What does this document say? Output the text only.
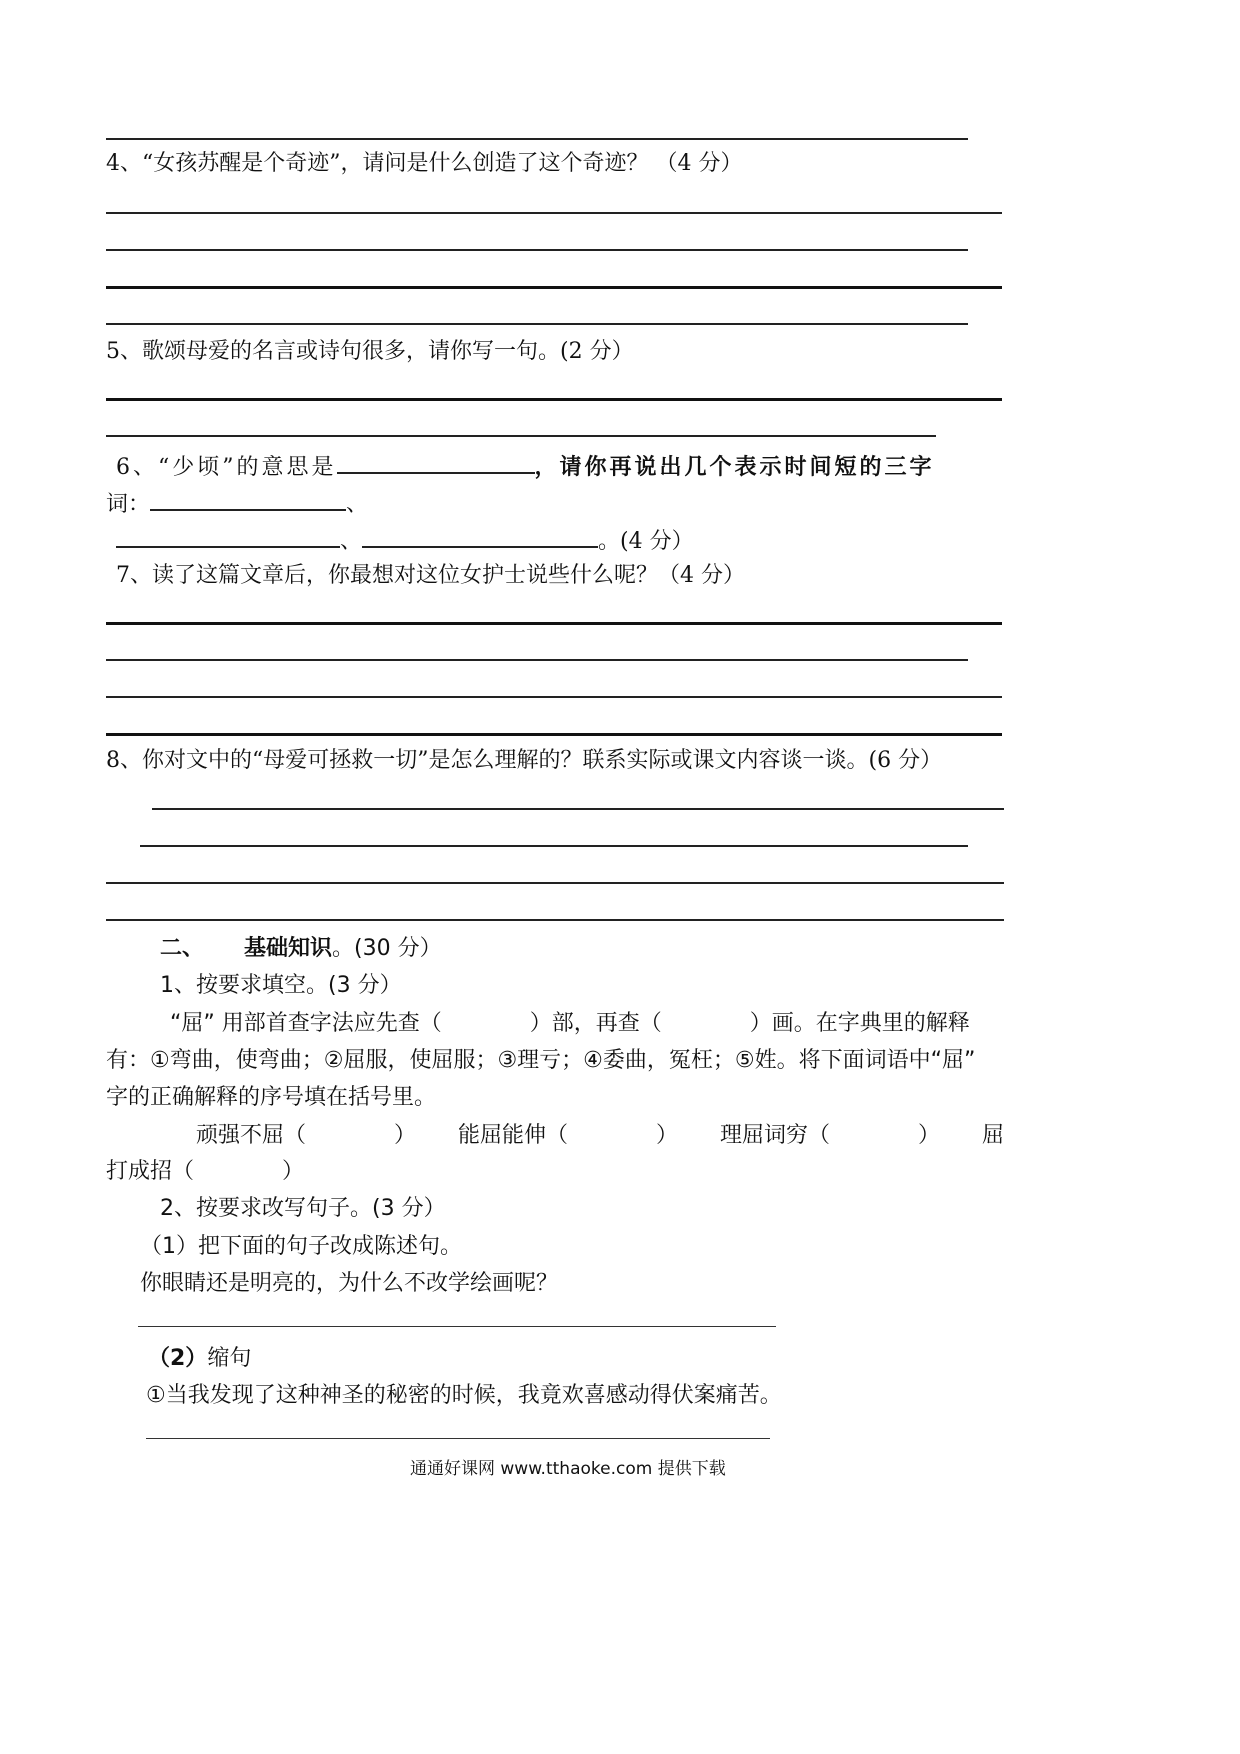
4、“女孩苏醒是个奇迹”，请问是什么创造了这个奇迹？ （4 分）
5、歌颂母爱的名言或诗句很多，请你写一句。(2 分）
6、“少顷”的意思是	，请你再说出几个表示时间短的三字
词：	、
、	。(4 分）
7、读了这篇文章后，你最想对这位女护士说些什么呢？（4 分）
8、你对文中的“母爱可拯救一切”是怎么理解的？联系实际或课文内容谈一谈。(6 分）
二、 基础知识。(30 分）
1、按要求填空。(3 分）
“屈” 用部首查字法应先查（　　　　）部，再查（　　　　）画。在字典里的解释
有：①弯曲，使弯曲；②屈服，使屈服；③理亏；④委曲，冤枉；⑤姓。将下面词语中“屈”
字的正确解释的序号填在括号里。
顽强不屈（　　　　） 能屈能伸（　　　　） 理屈词穷（　　　　） 屈
打成招（　　　　）
2、按要求改写句子。(3 分）
（1）把下面的句子改成陈述句。
你眼睛还是明亮的，为什么不改学绘画呢？
（2）缩句
①当我发现了这种神圣的秘密的时候，我竟欢喜感动得伏案痛苦。
通通好课网 www.tthaoke.com 提供下载
